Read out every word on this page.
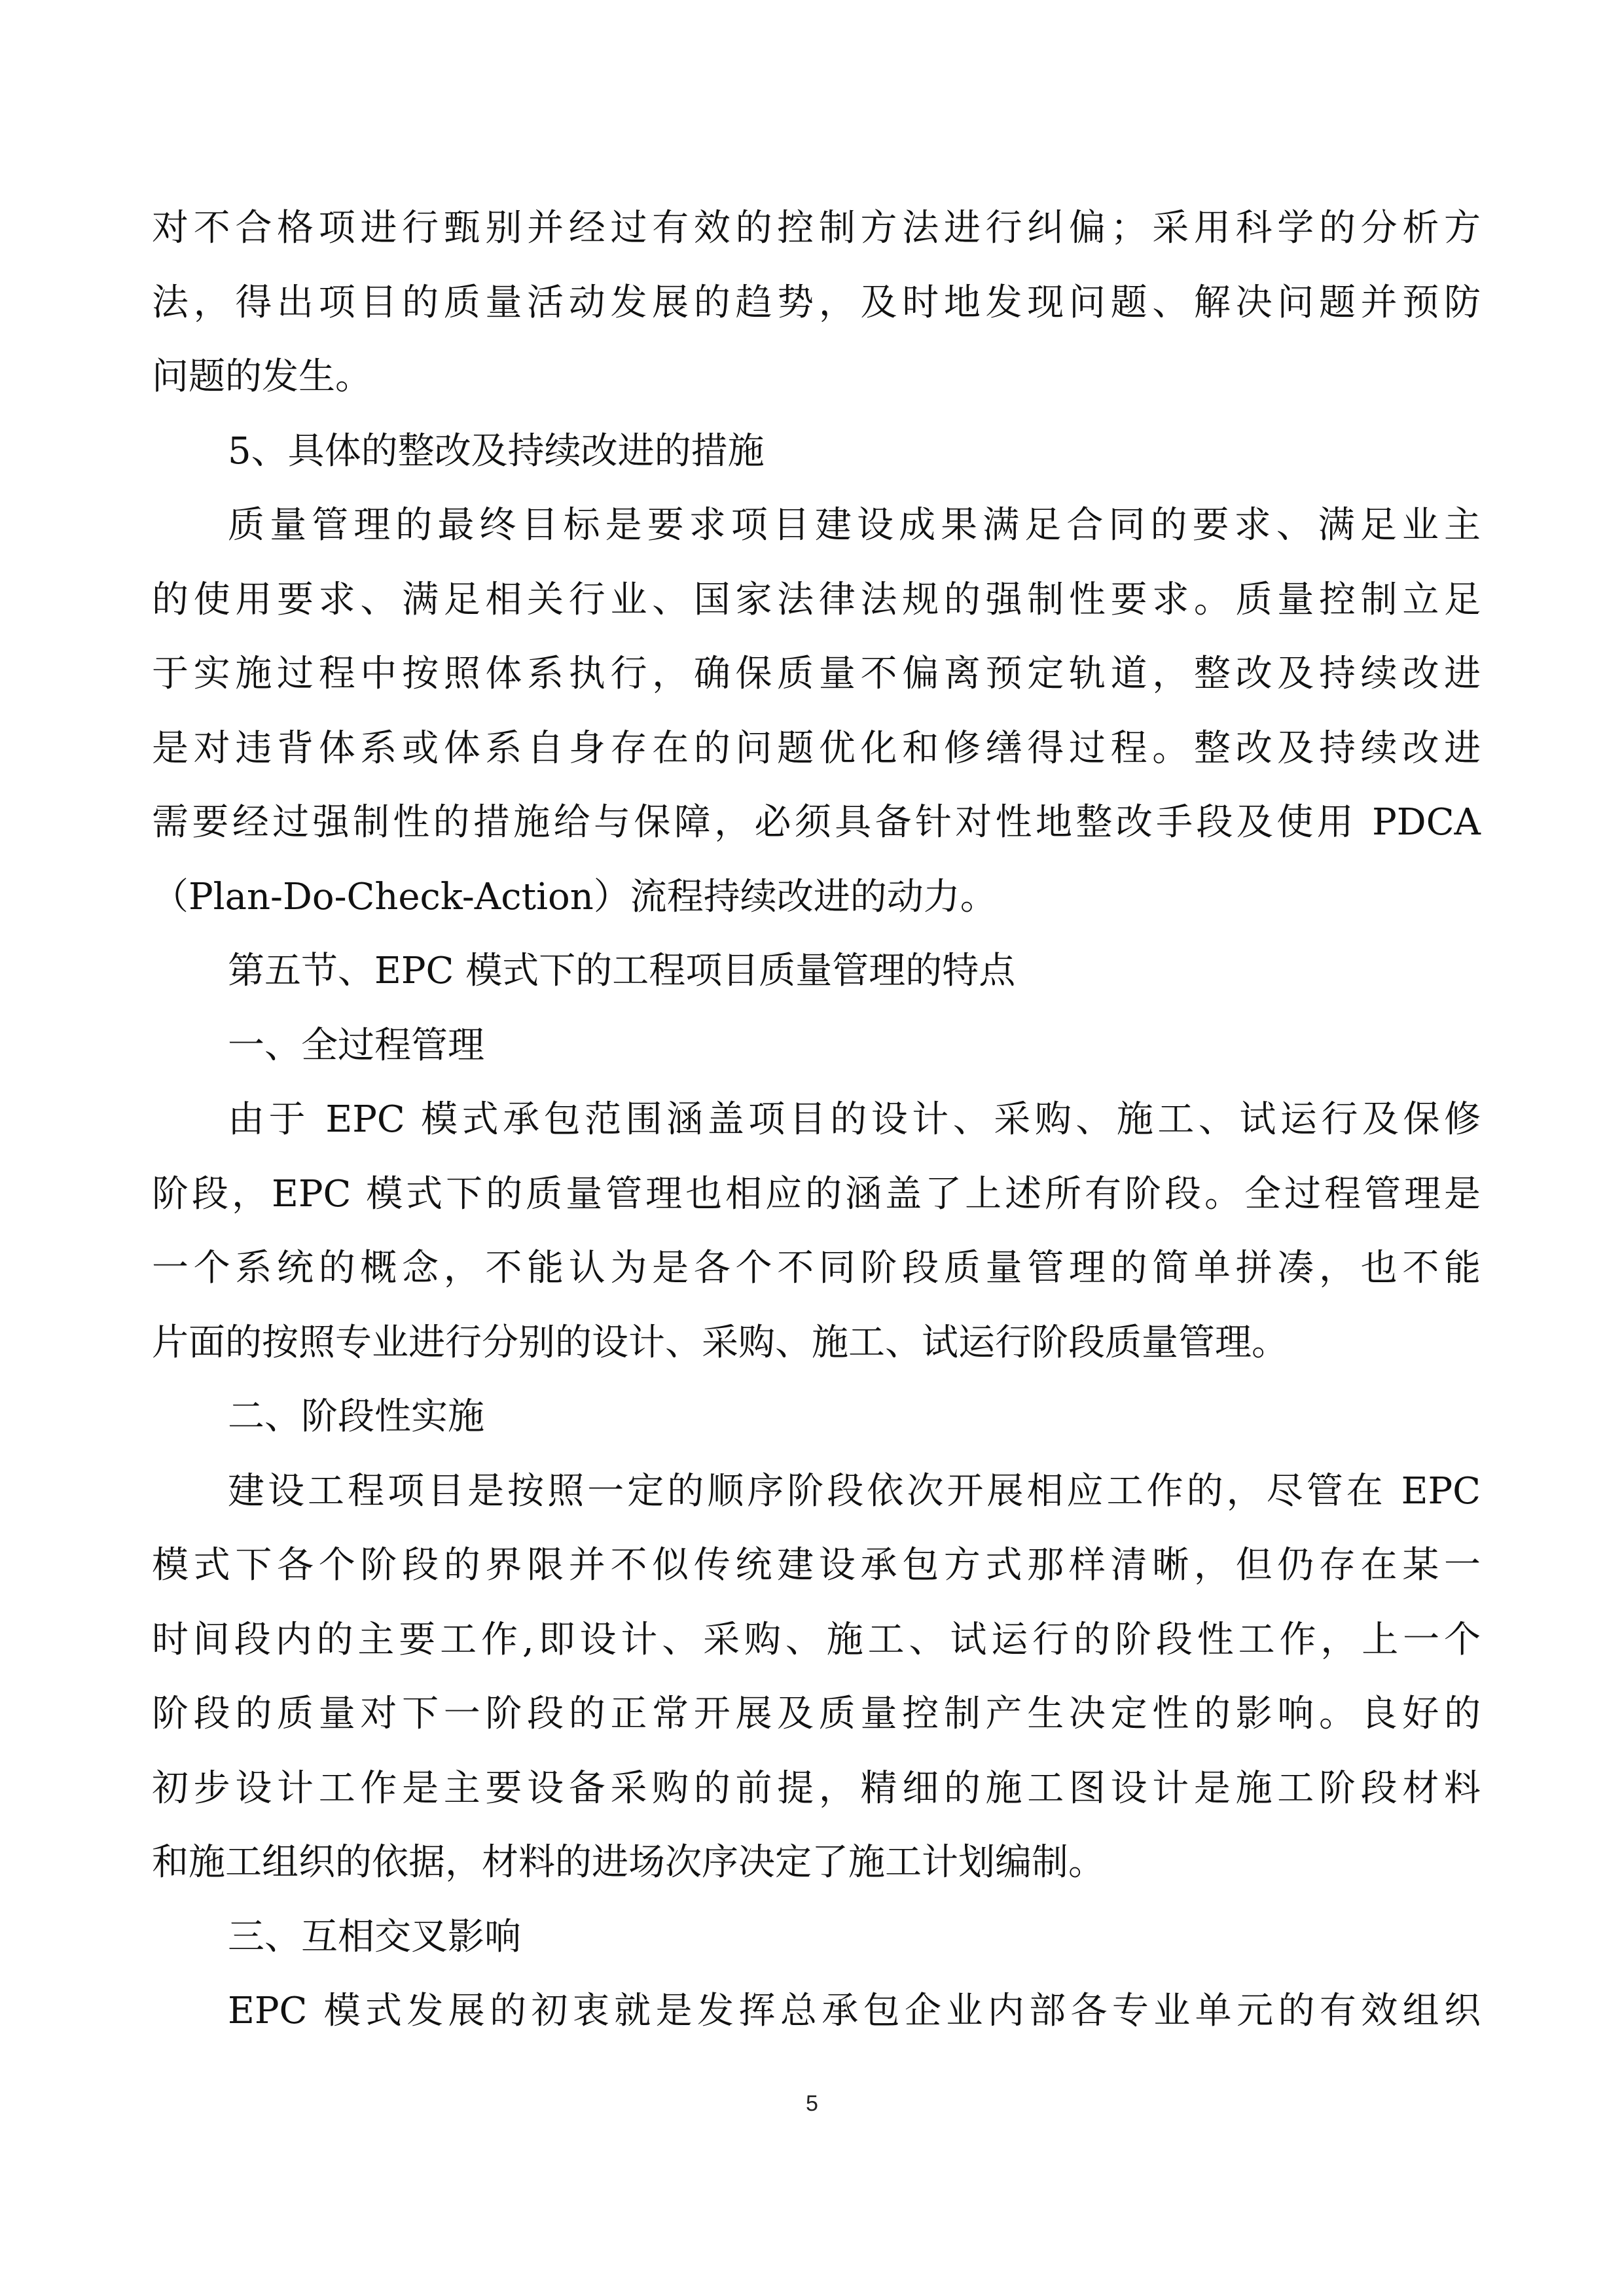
对不合格项进行甄别并经过有效的控制方法进行纠偏；采用科学的分析方
法，得出项目的质量活动发展的趋势，及时地发现问题、解决问题并预防
问题的发生。
5、具体的整改及持续改进的措施
质量管理的最终目标是要求项目建设成果满足合同的要求、满足业主
的使用要求、满足相关行业、国家法律法规的强制性要求。质量控制立足
于实施过程中按照体系执行，确保质量不偏离预定轨道，整改及持续改进
是对违背体系或体系自身存在的问题优化和修缮得过程。整改及持续改进
需要经过强制性的措施给与保障，必须具备针对性地整改手段及使用 PDCA
（Plan-Do-Check-Action）流程持续改进的动力。
第五节、EPC 模式下的工程项目质量管理的特点
一、全过程管理
由于 EPC 模式承包范围涵盖项目的设计、采购、施工、试运行及保修
阶段，EPC 模式下的质量管理也相应的涵盖了上述所有阶段。全过程管理是
一个系统的概念，不能认为是各个不同阶段质量管理的简单拼凑，也不能
片面的按照专业进行分别的设计、采购、施工、试运行阶段质量管理。
二、阶段性实施
建设工程项目是按照一定的顺序阶段依次开展相应工作的，尽管在 EPC
模式下各个阶段的界限并不似传统建设承包方式那样清晰，但仍存在某一
时间段内的主要工作,即设计、采购、施工、试运行的阶段性工作，上一个
阶段的质量对下一阶段的正常开展及质量控制产生决定性的影响。良好的
初步设计工作是主要设备采购的前提，精细的施工图设计是施工阶段材料
和施工组织的依据，材料的进场次序决定了施工计划编制。
三、互相交叉影响
EPC 模式发展的初衷就是发挥总承包企业内部各专业单元的有效组织
5
